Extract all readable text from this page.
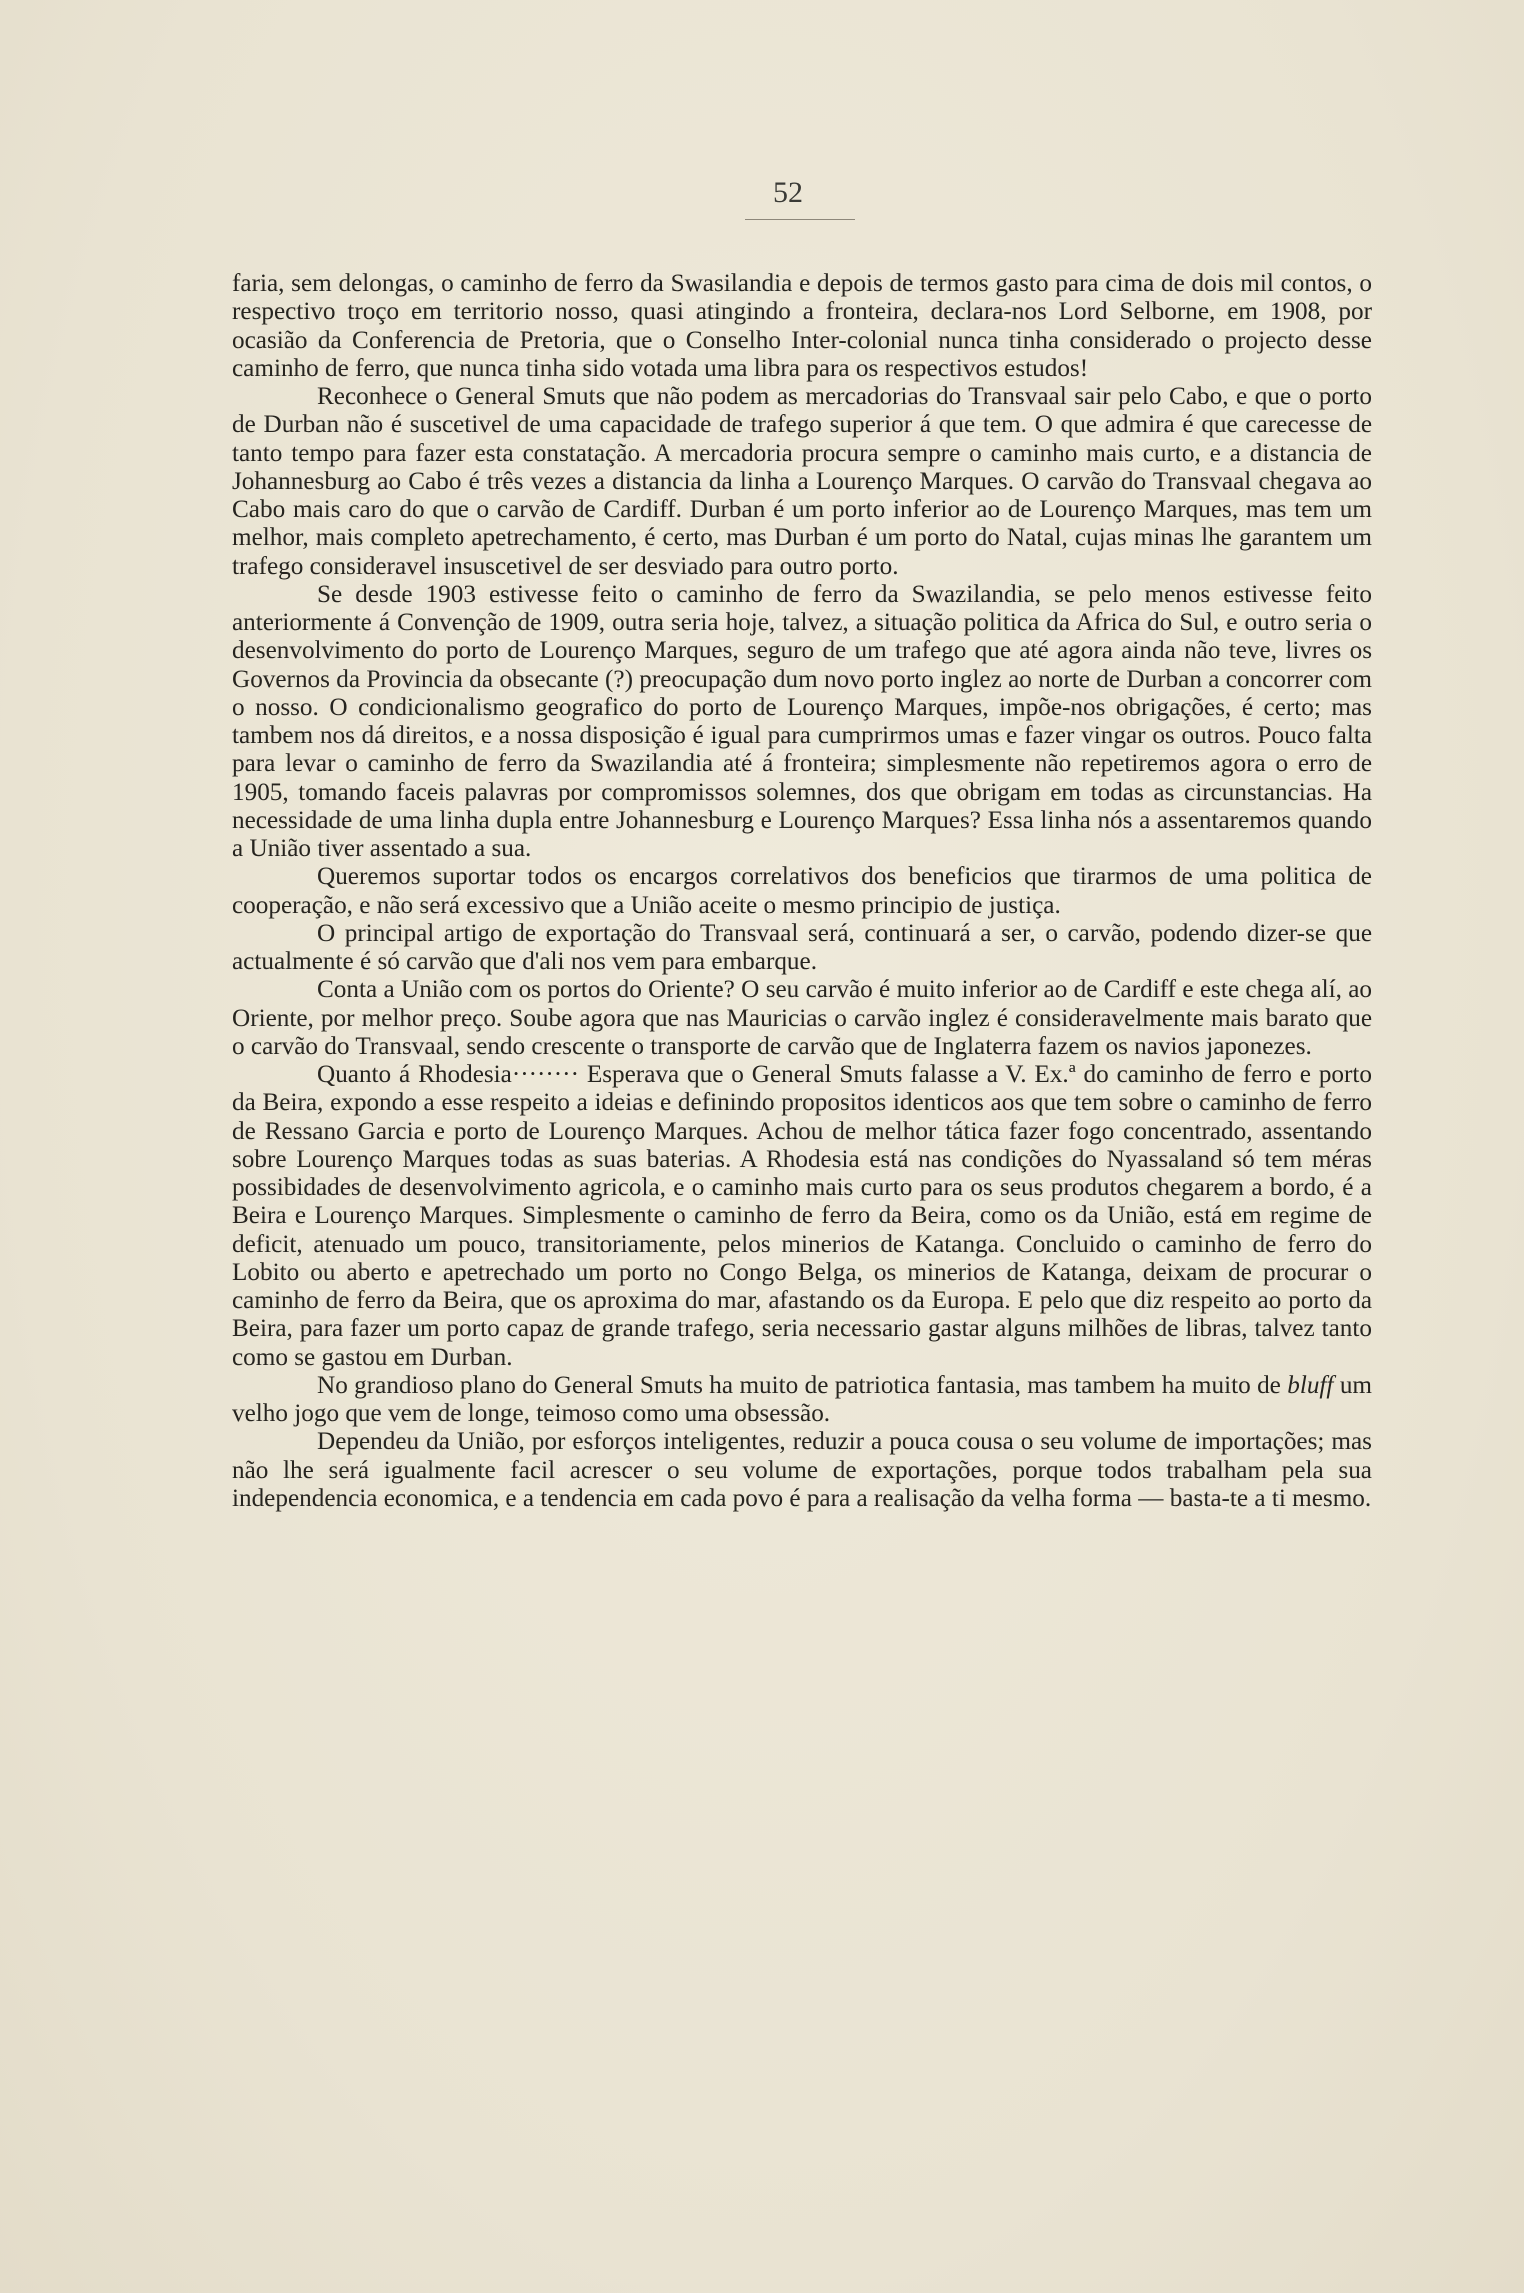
52

faria, sem delongas, o caminho de ferro da Swasilandia e depois de termos gasto para cima de dois mil contos, o respectivo troço em territorio nosso, quasi atingindo a fronteira, declara-nos Lord Selborne, em 1908, por ocasião da Conferencia de Pretoria, que o Conselho Inter-colonial nunca tinha considerado o projecto desse caminho de ferro, que nunca tinha sido votada uma libra para os respectivos estudos!

Reconhece o General Smuts que não podem as mercadorias do Transvaal sair pelo Cabo, e que o porto de Durban não é suscetivel de uma capacidade de trafego superior á que tem. O que admira é que carecesse de tanto tempo para fazer esta constatação. A mercadoria procura sempre o caminho mais curto, e a distancia de Johannesburg ao Cabo é três vezes a distancia da linha a Lourenço Marques. O carvão do Transvaal chegava ao Cabo mais caro do que o carvão de Cardiff. Durban é um porto inferior ao de Lourenço Marques, mas tem um melhor, mais completo apetrechamento, é certo, mas Durban é um porto do Natal, cujas minas lhe garantem um trafego consideravel insuscetivel de ser desviado para outro porto.

Se desde 1903 estivesse feito o caminho de ferro da Swazilandia, se pelo menos estivesse feito anteriormente á Convenção de 1909, outra seria hoje, talvez, a situação politica da Africa do Sul, e outro seria o desenvolvimento do porto de Lourenço Marques, seguro de um trafego que até agora ainda não teve, livres os Governos da Provincia da obsecante (?) preocupação dum novo porto inglez ao norte de Durban a concorrer com o nosso. O condicionalismo geografico do porto de Lourenço Marques, impõe-nos obrigações, é certo; mas tambem nos dá direitos, e a nossa disposição é igual para cumprirmos umas e fazer vingar os outros. Pouco falta para levar o caminho de ferro da Swazilandia até á fronteira; simplesmente não repetiremos agora o erro de 1905, tomando faceis palavras por compromissos solemnes, dos que obrigam em todas as circunstancias. Ha necessidade de uma linha dupla entre Johannesburg e Lourenço Marques? Essa linha nós a assentaremos quando a União tiver assentado a sua.

Queremos suportar todos os encargos correlativos dos beneficios que tirarmos de uma politica de cooperação, e não será excessivo que a União aceite o mesmo principio de justiça.

O principal artigo de exportação do Transvaal será, continuará a ser, o carvão, podendo dizer-se que actualmente é só carvão que d'ali nos vem para embarque.

Conta a União com os portos do Oriente? O seu carvão é muito inferior ao de Cardiff e este chega alí, ao Oriente, por melhor preço. Soube agora que nas Mauricias o carvão inglez é consideravelmente mais barato que o carvão do Transvaal, sendo crescente o transporte de carvão que de Inglaterra fazem os navios japonezes.

Quanto á Rhodesia········ Esperava que o General Smuts falasse a V. Ex.ª do caminho de ferro e porto da Beira, expondo a esse respeito a ideias e definindo propositos identicos aos que tem sobre o caminho de ferro de Ressano Garcia e porto de Lourenço Marques. Achou de melhor tática fazer fogo concentrado, assentando sobre Lourenço Marques todas as suas baterias. A Rhodesia está nas condições do Nyassaland só tem méras possibidades de desenvolvimento agricola, e o caminho mais curto para os seus produtos chegarem a bordo, é a Beira e Lourenço Marques. Simplesmente o caminho de ferro da Beira, como os da União, está em regime de deficit, atenuado um pouco, transitoriamente, pelos minerios de Katanga. Concluido o caminho de ferro do Lobito ou aberto e apetrechado um porto no Congo Belga, os minerios de Katanga, deixam de procurar o caminho de ferro da Beira, que os aproxima do mar, afastando os da Europa. E pelo que diz respeito ao porto da Beira, para fazer um porto capaz de grande trafego, seria necessario gastar alguns milhões de libras, talvez tanto como se gastou em Durban.

No grandioso plano do General Smuts ha muito de patriotica fantasia, mas tambem ha muito de bluff um velho jogo que vem de longe, teimoso como uma obsessão.

Dependeu da União, por esforços inteligentes, reduzir a pouca cousa o seu volume de importações; mas não lhe será igualmente facil acrescer o seu volume de exportações, porque todos trabalham pela sua independencia economica, e a tendencia em cada povo é para a realisação da velha forma — basta-te a ti mesmo.
